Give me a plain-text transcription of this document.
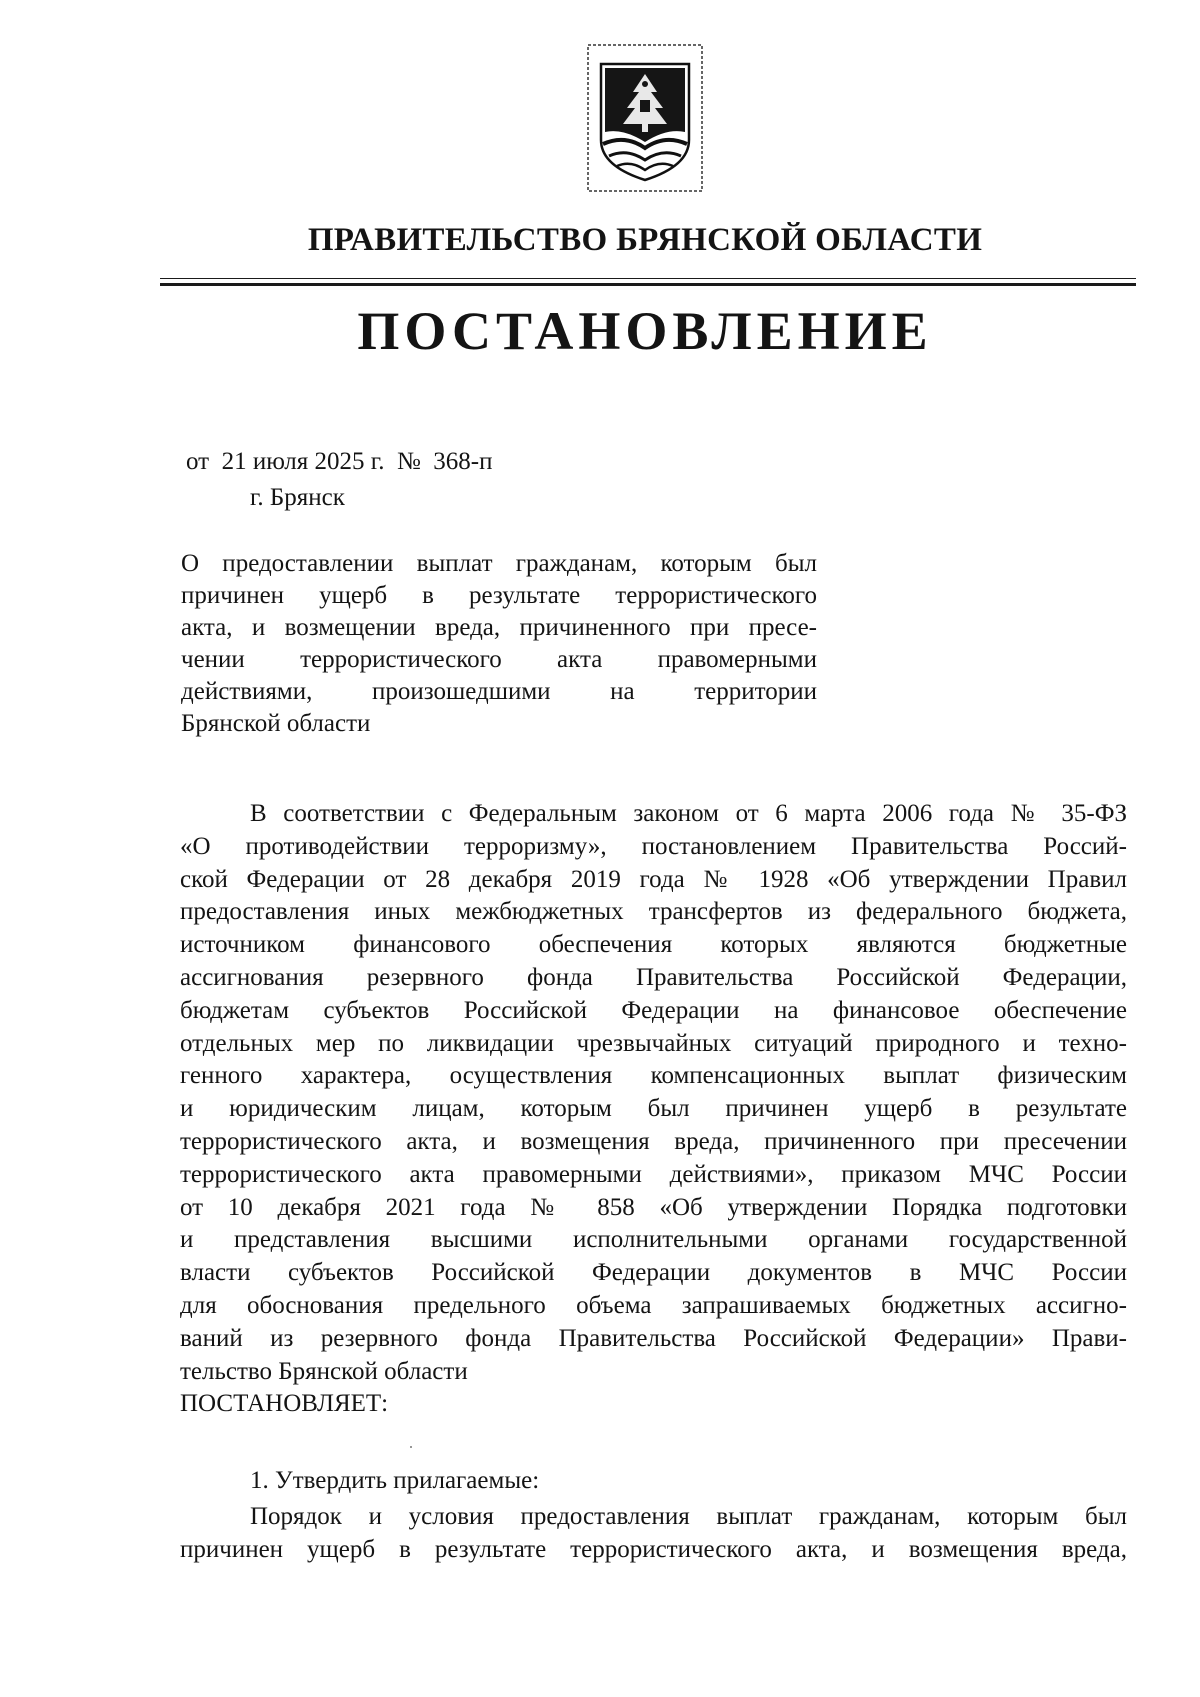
ПРАВИТЕЛЬСТВО БРЯНСКОЙ ОБЛАСТИ
ПОСТАНОВЛЕНИЕ
от  21 июля 2025 г.  №  368-п
г. Брянск
О предоставлении выплат гражданам, которым был
причинен ущерб в результате террористического
акта, и возмещении вреда, причиненного при пресе-
чении террористического акта правомерными
действиями, произошедшими на территории
Брянской области
В соответствии с Федеральным законом от 6 марта 2006 года № 35-ФЗ
«О противодействии терроризму», постановлением Правительства Россий-
ской Федерации от 28 декабря 2019 года № 1928 «Об утверждении Правил
предоставления иных межбюджетных трансфертов из федерального бюджета,
источником финансового обеспечения которых являются бюджетные
ассигнования резервного фонда Правительства Российской Федерации,
бюджетам субъектов Российской Федерации на финансовое обеспечение
отдельных мер по ликвидации чрезвычайных ситуаций природного и техно-
генного характера, осуществления компенсационных выплат физическим
и юридическим лицам, которым был причинен ущерб в результате
террористического акта, и возмещения вреда, причиненного при пресечении
террористического акта правомерными действиями», приказом МЧС России
от 10 декабря 2021 года № 858 «Об утверждении Порядка подготовки
и представления высшими исполнительными органами государственной
власти субъектов Российской Федерации документов в МЧС России
для обоснования предельного объема запрашиваемых бюджетных ассигно-
ваний из резервного фонда Правительства Российской Федерации» Прави-
тельство Брянской области
ПОСТАНОВЛЯЕТ:
1. Утвердить прилагаемые:
Порядок и условия предоставления выплат гражданам, которым был
причинен ущерб в результате террористического акта, и возмещения вреда,
